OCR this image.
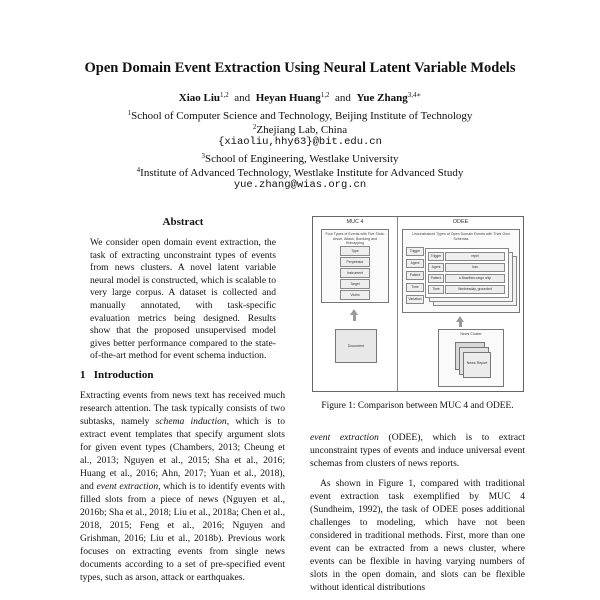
Open Domain Event Extraction Using Neural Latent Variable Models
Xiao Liu$^{1,2}$ and Heyan Huang$^{1,2}$ and Yue Zhang$^{3,4∗}$
$^1$School of Computer Science and Technology, Beijing Institute of Technology
$^2$Zhejiang Lab, China
{xiaoliu,hhy63}@bit.edu.cn
$^3$School of Engineering, Westlake University
$^4$Institute of Advanced Technology, Westlake Institute for Advanced Study
yue.zhang@wias.org.cn
Abstract
We consider open domain event extraction, the task of extracting unconstraint types of events from news clusters. A novel latent variable neural model is constructed, which is scalable to very large corpus. A dataset is collected and manually annotated, with task-specific evaluation metrics being designed. Results show that the proposed unsupervised model gives better performance compared to the state-of-the-art method for event schema induction.
1 Introduction
Extracting events from news text has received much research attention. The task typically consists of two subtasks, namely schema induction, which is to extract event templates that specify argument slots for given event types (Chambers, 2013; Cheung et al., 2013; Nguyen et al., 2015; Sha et al., 2016; Huang et al., 2016; Ahn, 2017; Yuan et al., 2018), and event extraction, which is to identify events with filled slots from a piece of news (Nguyen et al., 2016b; Sha et al., 2018; Liu et al., 2018a; Chen et al., 2018, 2015; Feng et al., 2016; Nguyen and Grishman, 2016; Liu et al., 2018b). Previous work focuses on extracting events from single news documents according to a set of pre-specified event types, such as arson, attack or earthquakes.
MUC 4
Four Types of Events with Five Slots: Arson, Attack, Bombing and Kidnapping
Type
Perpetrator
Instrument
Target
Victim
Document
ODEE
Unconstrained Types of Open Domain Events with Their Own Schemas
Trigger
Agent
Patient
Time
Variation
Trigger	repel
Agent	Iran
Patient	a Brazilian cargo ship
Time	Wednesday, grounded
News Cluster
News Report
Figure 1: Comparison between MUC 4 and ODEE.
event extraction (ODEE), which is to extract unconstraint types of events and induce universal event schemas from clusters of news reports.
As shown in Figure 1, compared with traditional event extraction task exemplified by MUC 4 (Sundheim, 1992), the task of ODEE poses additional challenges to modeling, which have not been considered in traditional methods. First, more than one event can be extracted from a news cluster, where events can be flexible in having varying numbers of slots in the open domain, and slots can be flexible without identical distributions
